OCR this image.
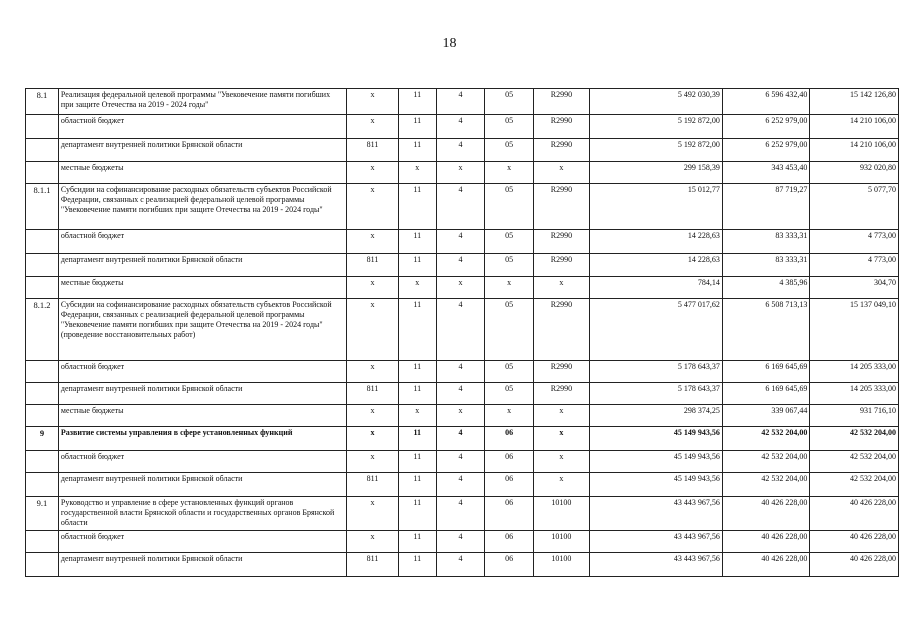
18
8.1	Реализация федеральной целевой программы "Увековечение памяти погибших при защите Отечества на 2019 - 2024 годы"	x	11	4	05	R2990	5 492 030,39	6 596 432,40	15 142 126,80
	областной бюджет	x	11	4	05	R2990	5 192 872,00	6 252 979,00	14 210 106,00
	департамент внутренней политики Брянской области	811	11	4	05	R2990	5 192 872,00	6 252 979,00	14 210 106,00
	местные бюджеты	x	x	x	x	x	299 158,39	343 453,40	932 020,80
8.1.1	Субсидии на софинансирование расходных обязательств субъектов Российской Федерации, связанных с реализацией федеральной целевой программы "Увековечение памяти погибших при защите Отечества на 2019 - 2024 годы"	x	11	4	05	R2990	15 012,77	87 719,27	5 077,70
	областной бюджет	x	11	4	05	R2990	14 228,63	83 333,31	4 773,00
	департамент внутренней политики Брянской области	811	11	4	05	R2990	14 228,63	83 333,31	4 773,00
	местные бюджеты	x	x	x	x	x	784,14	4 385,96	304,70
8.1.2	Субсидии на софинансирование расходных обязательств субъектов Российской Федерации, связанных с реализацией федеральной целевой программы "Увековечение памяти погибших при защите Отечества на 2019 - 2024 годы" (проведение восстановительных работ)	x	11	4	05	R2990	5 477 017,62	6 508 713,13	15 137 049,10
	областной бюджет	x	11	4	05	R2990	5 178 643,37	6 169 645,69	14 205 333,00
	департамент внутренней политики Брянской области	811	11	4	05	R2990	5 178 643,37	6 169 645,69	14 205 333,00
	местные бюджеты	x	x	x	x	x	298 374,25	339 067,44	931 716,10
9	Развитие системы управления в сфере установленных функций	x	11	4	06	x	45 149 943,56	42 532 204,00	42 532 204,00
	областной бюджет	x	11	4	06	x	45 149 943,56	42 532 204,00	42 532 204,00
	департамент внутренней политики Брянской области	811	11	4	06	x	45 149 943,56	42 532 204,00	42 532 204,00
9.1	Руководство и управление в сфере установленных функций органов государственной власти Брянской области и государственных органов Брянской области	x	11	4	06	10100	43 443 967,56	40 426 228,00	40 426 228,00
	областной бюджет	x	11	4	06	10100	43 443 967,56	40 426 228,00	40 426 228,00
	департамент внутренней политики Брянской области	811	11	4	06	10100	43 443 967,56	40 426 228,00	40 426 228,00
